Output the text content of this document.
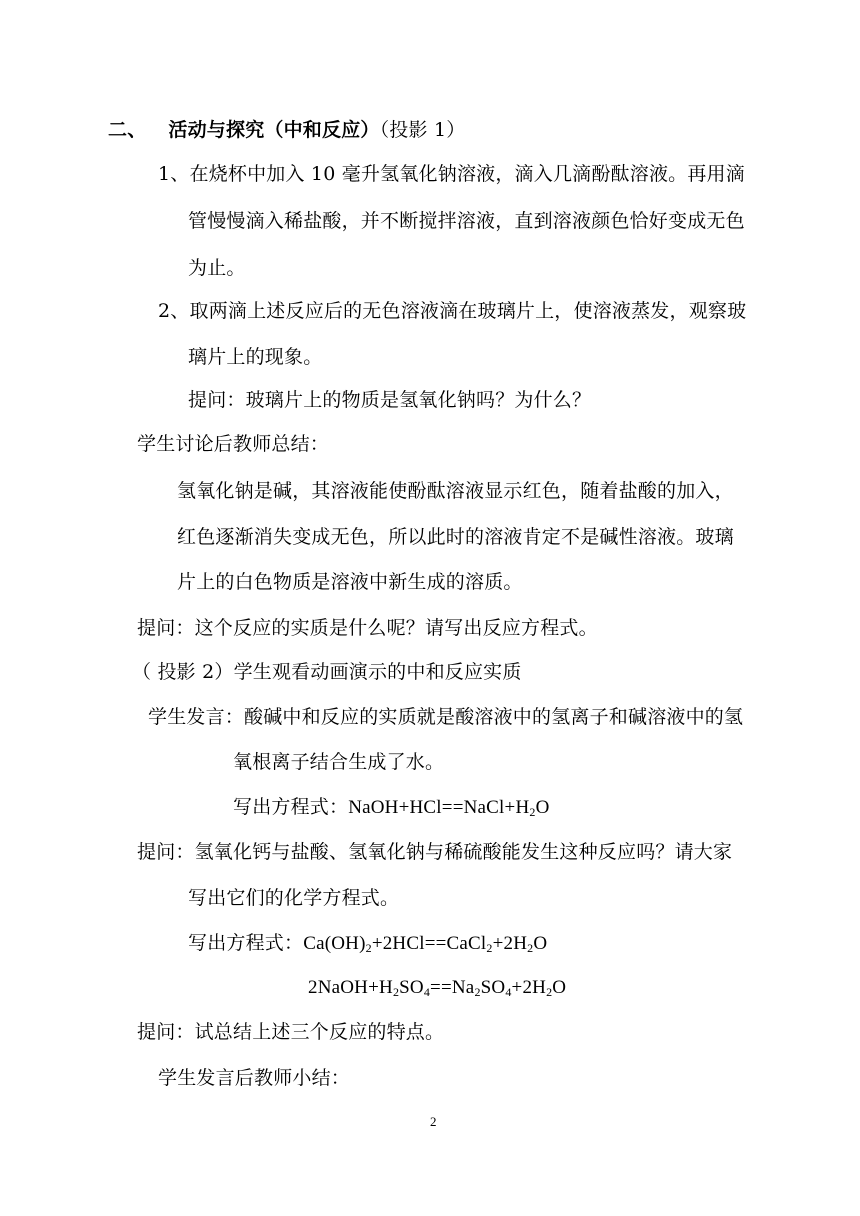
二、 活动与探究（中和反应）（投影 1）
1、在烧杯中加入 10 毫升氢氧化钠溶液，滴入几滴酚酞溶液。再用滴
管慢慢滴入稀盐酸，并不断搅拌溶液，直到溶液颜色恰好变成无色
为止。
2、取两滴上述反应后的无色溶液滴在玻璃片上，使溶液蒸发，观察玻
璃片上的现象。
提问：玻璃片上的物质是氢氧化钠吗？为什么？
学生讨论后教师总结：
氢氧化钠是碱，其溶液能使酚酞溶液显示红色，随着盐酸的加入，
红色逐渐消失变成无色，所以此时的溶液肯定不是碱性溶液。玻璃
片上的白色物质是溶液中新生成的溶质。
提问：这个反应的实质是什么呢？请写出反应方程式。
（ 投影 2）学生观看动画演示的中和反应实质
学生发言：酸碱中和反应的实质就是酸溶液中的氢离子和碱溶液中的氢
氧根离子结合生成了水。
写出方程式：$NaOH+HCl==NaCl+H_2O$
提问：氢氧化钙与盐酸、氢氧化钠与稀硫酸能发生这种反应吗？请大家
写出它们的化学方程式。
写出方程式：$Ca(OH)_2+2HCl==CaCl_2+2H_2O$
$2NaOH+H_2SO_4==Na_2SO_4+2H_2O$
提问：试总结上述三个反应的特点。
学生发言后教师小结：
2
